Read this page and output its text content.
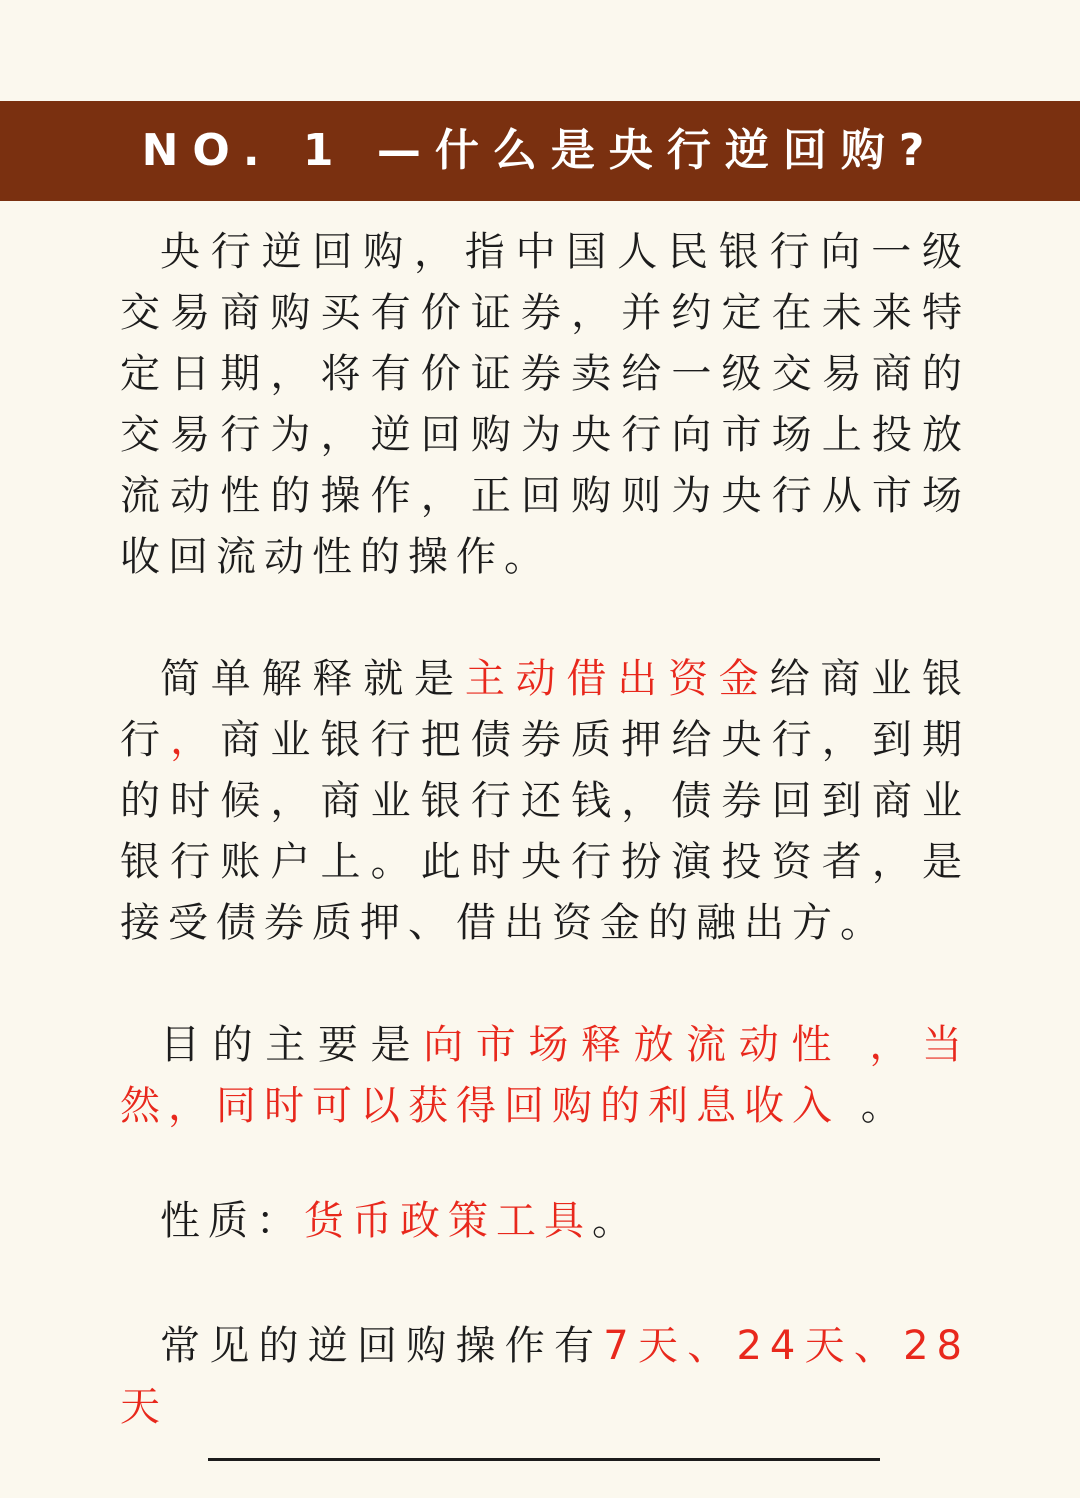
NO. 1 —什么是央行逆回购?

央行逆回购，指中国人民银行向一级交易商购买有价证券，并约定在未来特定日期，将有价证券卖给一级交易商的交易行为，逆回购为央行向市场上投放流动性的操作，正回购则为央行从市场收回流动性的操作。

简单解释就是主动借出资金给商业银行，商业银行把债券质押给央行，到期的时候，商业银行还钱，债券回到商业银行账户上。此时央行扮演投资者，是接受债券质押、借出资金的融出方。

目的主要是向市场释放流动性 ，当然，同时可以获得回购的利息收入 。

性质：货币政策工具。

常见的逆回购操作有7天、24天、28天
